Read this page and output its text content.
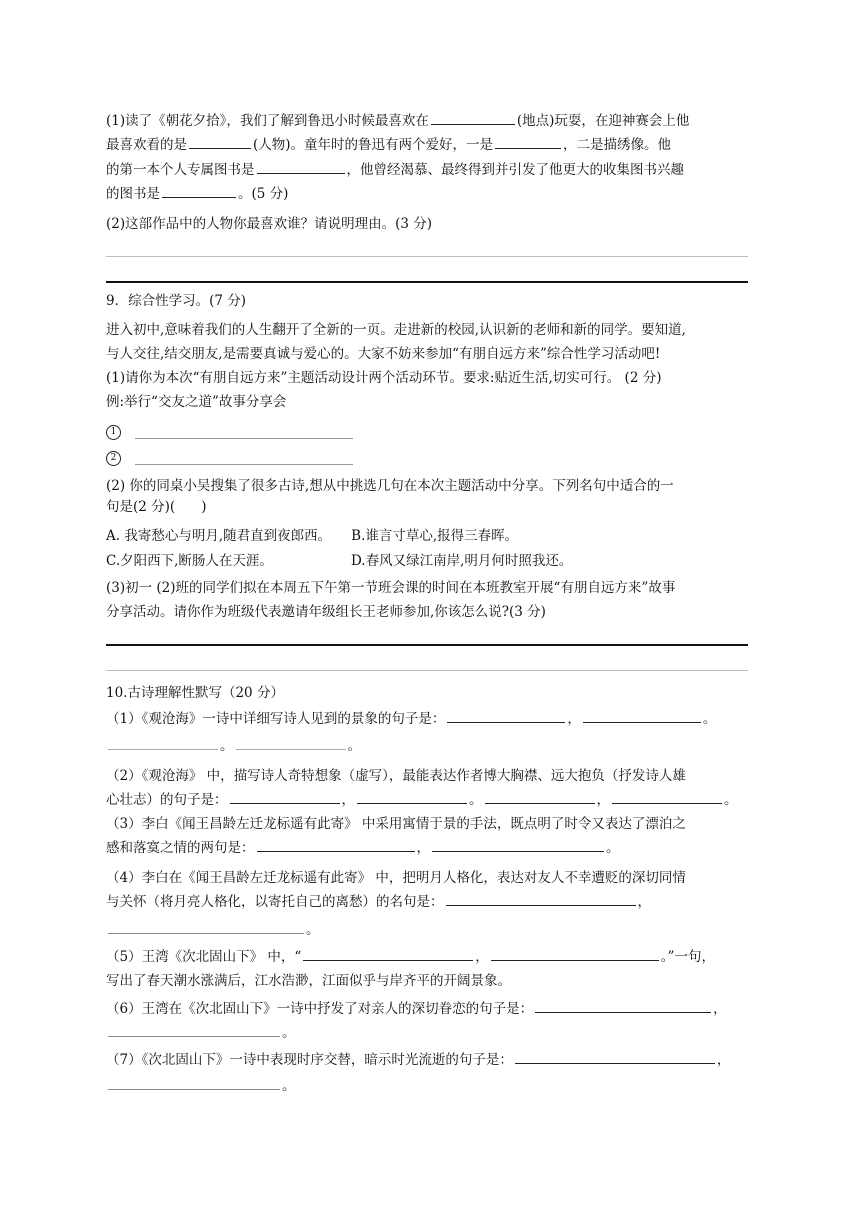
(1)读了《朝花夕拾》，我们了解到鲁迅小时候最喜欢在	(地点)玩耍，在迎神赛会上他

最喜欢看的是	(人物)。童年时的鲁迅有两个爱好，一是	，二是描绣像。他

的第一本个人专属图书是	，他曾经渴慕、最终得到并引发了他更大的收集图书兴趣

的图书是	。(5 分)

(2)这部作品中的人物你最喜欢谁？请说明理由。(3 分)

9．综合性学习。(7 分)

进入初中,意味着我们的人生翻开了全新的一页。走进新的校园,认识新的老师和新的同学。要知道,

与人交往,结交朋友,是需要真诚与爱心的。大家不妨来参加“有朋自远方来”综合性学习活动吧!

(1)请你为本次“有朋自远方来”主题活动设计两个活动环节。要求:贴近生活,切实可行。 (2 分)

例:举行“交友之道”故事分享会

1

2

(2) 你的同桌小吴搜集了很多古诗,想从中挑选几句在本次主题活动中分享。下列名句中适合的一

句是(2 分)( )

A. 我寄愁心与明月,随君直到夜郎西。 B.谁言寸草心,报得三春晖。

C.夕阳西下,断肠人在天涯。	D.春风又绿江南岸,明月何时照我还。

(3)初一 (2)班的同学们拟在本周五下午第一节班会课的时间在本班教室开展“有朋自远方来”故事

分享活动。请你作为班级代表邀请年级组长王老师参加,你该怎么说?(3 分)

10.古诗理解性默写（20 分）

（1）《观沧海》一诗中详细写诗人见到的景象的句子是：	，	。

。	。

（2）《观沧海》 中，描写诗人奇特想象（虚写），最能表达作者博大胸襟、远大抱负（抒发诗人雄

心壮志）的句子是：	，	。	，	。

（3）李白《闻王昌龄左迁龙标遥有此寄》 中采用寓情于景的手法，既点明了时令又表达了漂泊之

感和落寞之情的两句是：	，	。

（4）李白在《闻王昌龄左迁龙标遥有此寄》 中，把明月人格化，表达对友人不幸遭贬的深切同情

与关怀（将月亮人格化，以寄托自己的离愁）的名句是：	，

。

（5）王湾《次北固山下》 中，“	，	。”一句，

写出了春天潮水涨满后，江水浩渺，江面似乎与岸齐平的开阔景象。

（6）王湾在《次北固山下》一诗中抒发了对亲人的深切眷恋的句子是：	，

。

（7）《次北固山下》一诗中表现时序交替，暗示时光流逝的句子是：	，

。
